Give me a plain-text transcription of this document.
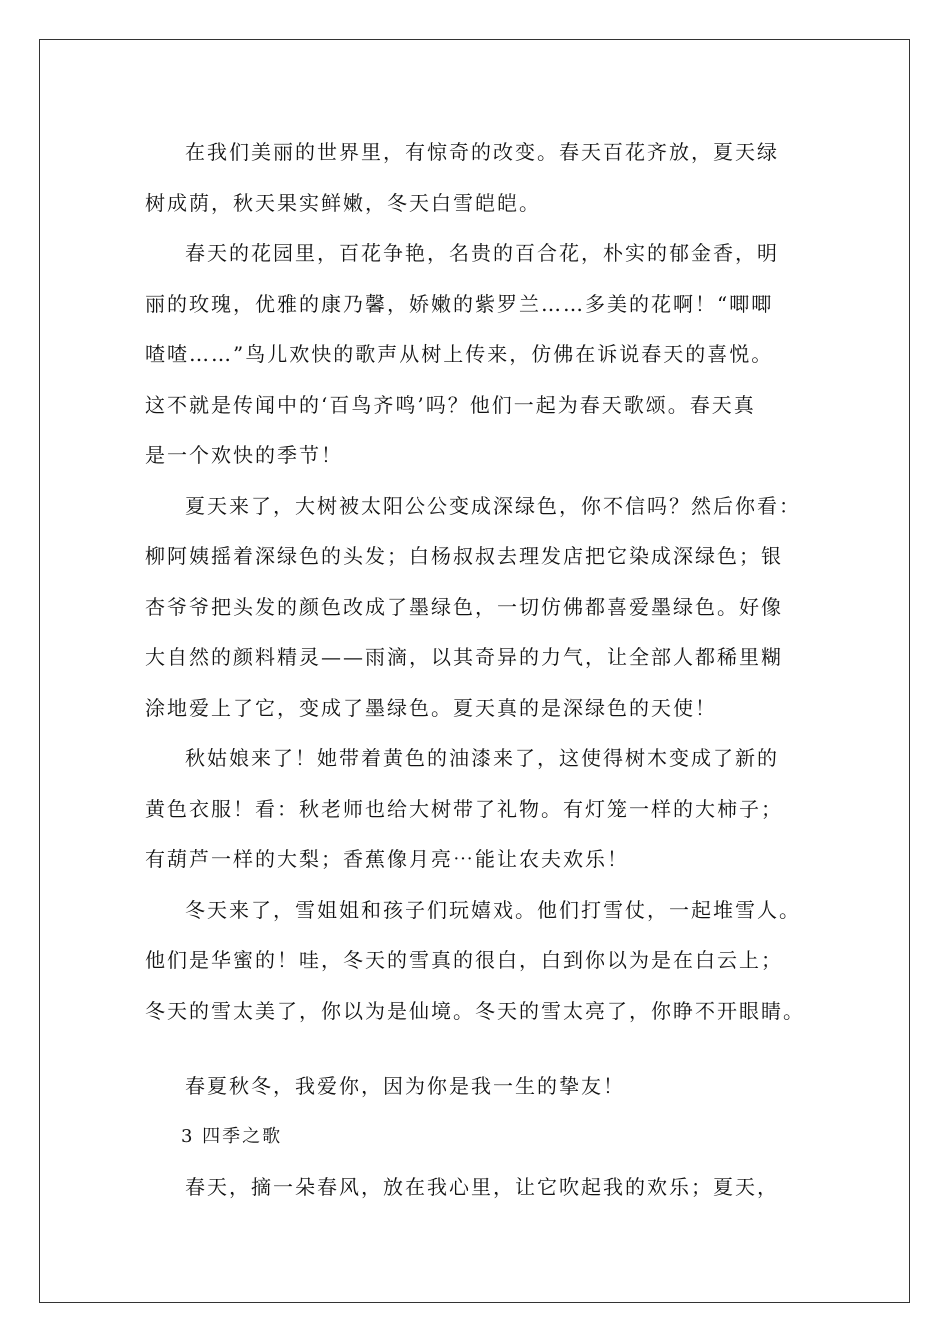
在我们美丽的世界里，有惊奇的改变。春天百花齐放，夏天绿
树成荫，秋天果实鲜嫩，冬天白雪皑皑。

春天的花园里，百花争艳，名贵的百合花，朴实的郁金香，明
丽的玫瑰，优雅的康乃馨，娇嫩的紫罗兰……多美的花啊！“唧唧
喳喳……”鸟儿欢快的歌声从树上传来，仿佛在诉说春天的喜悦。
这不就是传闻中的‘百鸟齐鸣’吗？他们一起为春天歌颂。春天真
是一个欢快的季节！

夏天来了，大树被太阳公公变成深绿色，你不信吗？然后你看：
柳阿姨摇着深绿色的头发；白杨叔叔去理发店把它染成深绿色；银
杏爷爷把头发的颜色改成了墨绿色，一切仿佛都喜爱墨绿色。好像
大自然的颜料精灵——雨滴，以其奇异的力气，让全部人都稀里糊
涂地爱上了它，变成了墨绿色。夏天真的是深绿色的天使！

秋姑娘来了！她带着黄色的油漆来了，这使得树木变成了新的
黄色衣服！看：秋老师也给大树带了礼物。有灯笼一样的大柿子；
有葫芦一样的大梨；香蕉像月亮⋯能让农夫欢乐！

冬天来了，雪姐姐和孩子们玩嬉戏。他们打雪仗，一起堆雪人。
他们是华蜜的！哇，冬天的雪真的很白，白到你以为是在白云上；
冬天的雪太美了，你以为是仙境。冬天的雪太亮了，你睁不开眼睛。

春夏秋冬，我爱你，因为你是我一生的挚友！

3 四季之歌

春天，摘一朵春风，放在我心里，让它吹起我的欢乐；夏天，
